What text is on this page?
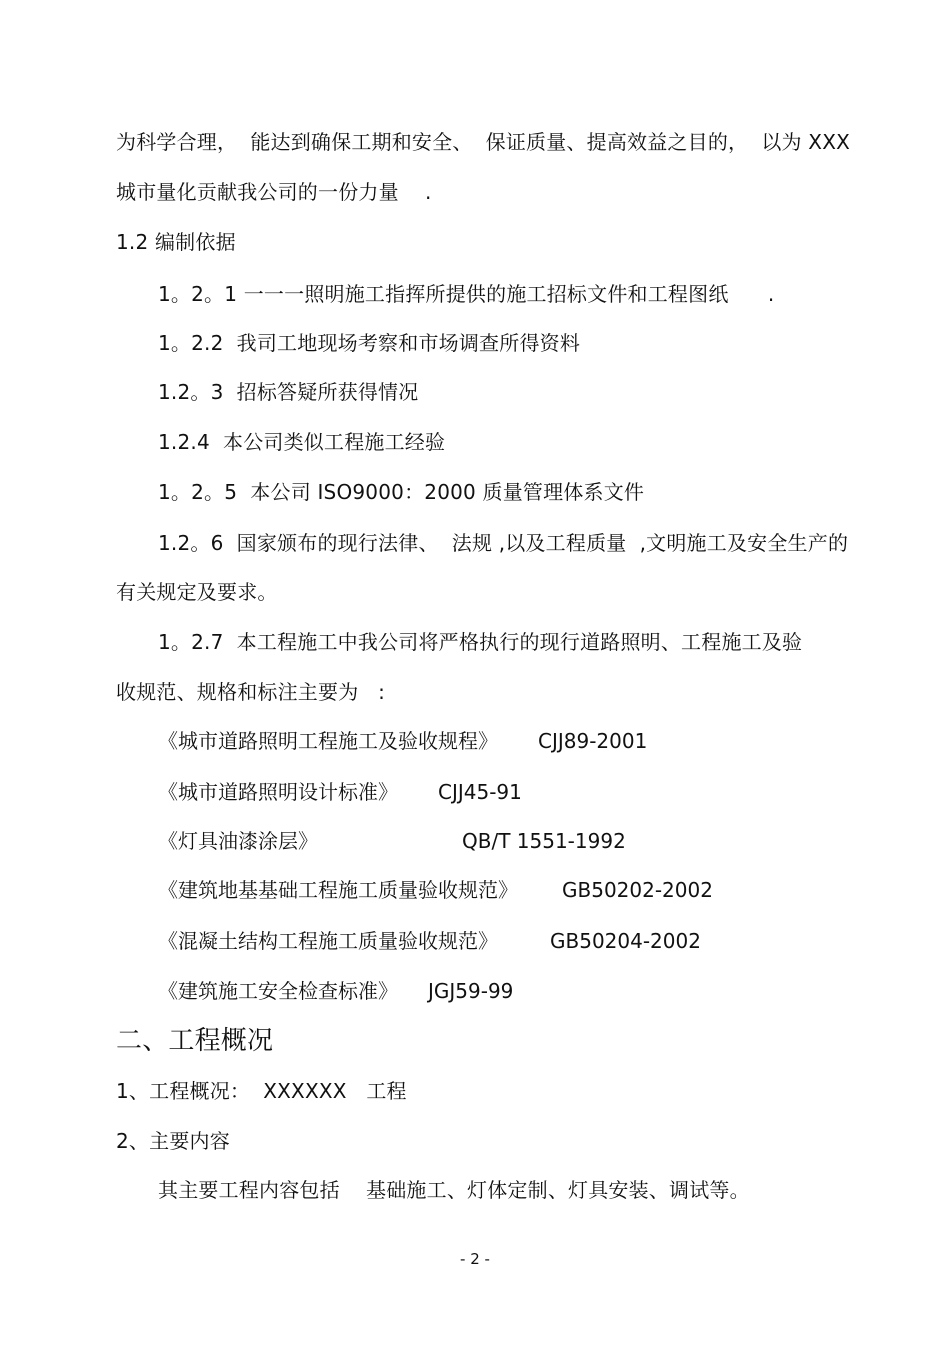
为科学合理，  能达到确保工期和安全、  保证质量、提高效益之目的，  以为 XXX
城市量化贡献我公司的一份力量    .
1.2 编制依据
1。2。1 一一一照明施工指挥所提供的施工招标文件和工程图纸      .
1。2.2  我司工地现场考察和市场调查所得资料
1.2。3  招标答疑所获得情况
1.2.4  本公司类似工程施工经验
1。2。5  本公司 ISO9000：2000 质量管理体系文件
1.2。6  国家颁布的现行法律、  法规 ,以及工程质量  ,文明施工及安全生产的
有关规定及要求。
1。2.7  本工程施工中我公司将严格执行的现行道路照明、工程施工及验
收规范、规格和标注主要为   :
《城市道路照明工程施工及验收规程》 CJJ89-2001
《城市道路照明设计标准》 CJJ45-91
《灯具油漆涂层》	QB/T 1551-1992
《建筑地基基础工程施工质量验收规范》 GB50202-2002
《混凝土结构工程施工质量验收规范》	GB50204-2002
《建筑施工安全检查标准》 JGJ59-99
二、工程概况
1、工程概况：  XXXXXX   工程
2、主要内容
其主要工程内容包括    基础施工、灯体定制、灯具安装、调试等。
- 2 -
